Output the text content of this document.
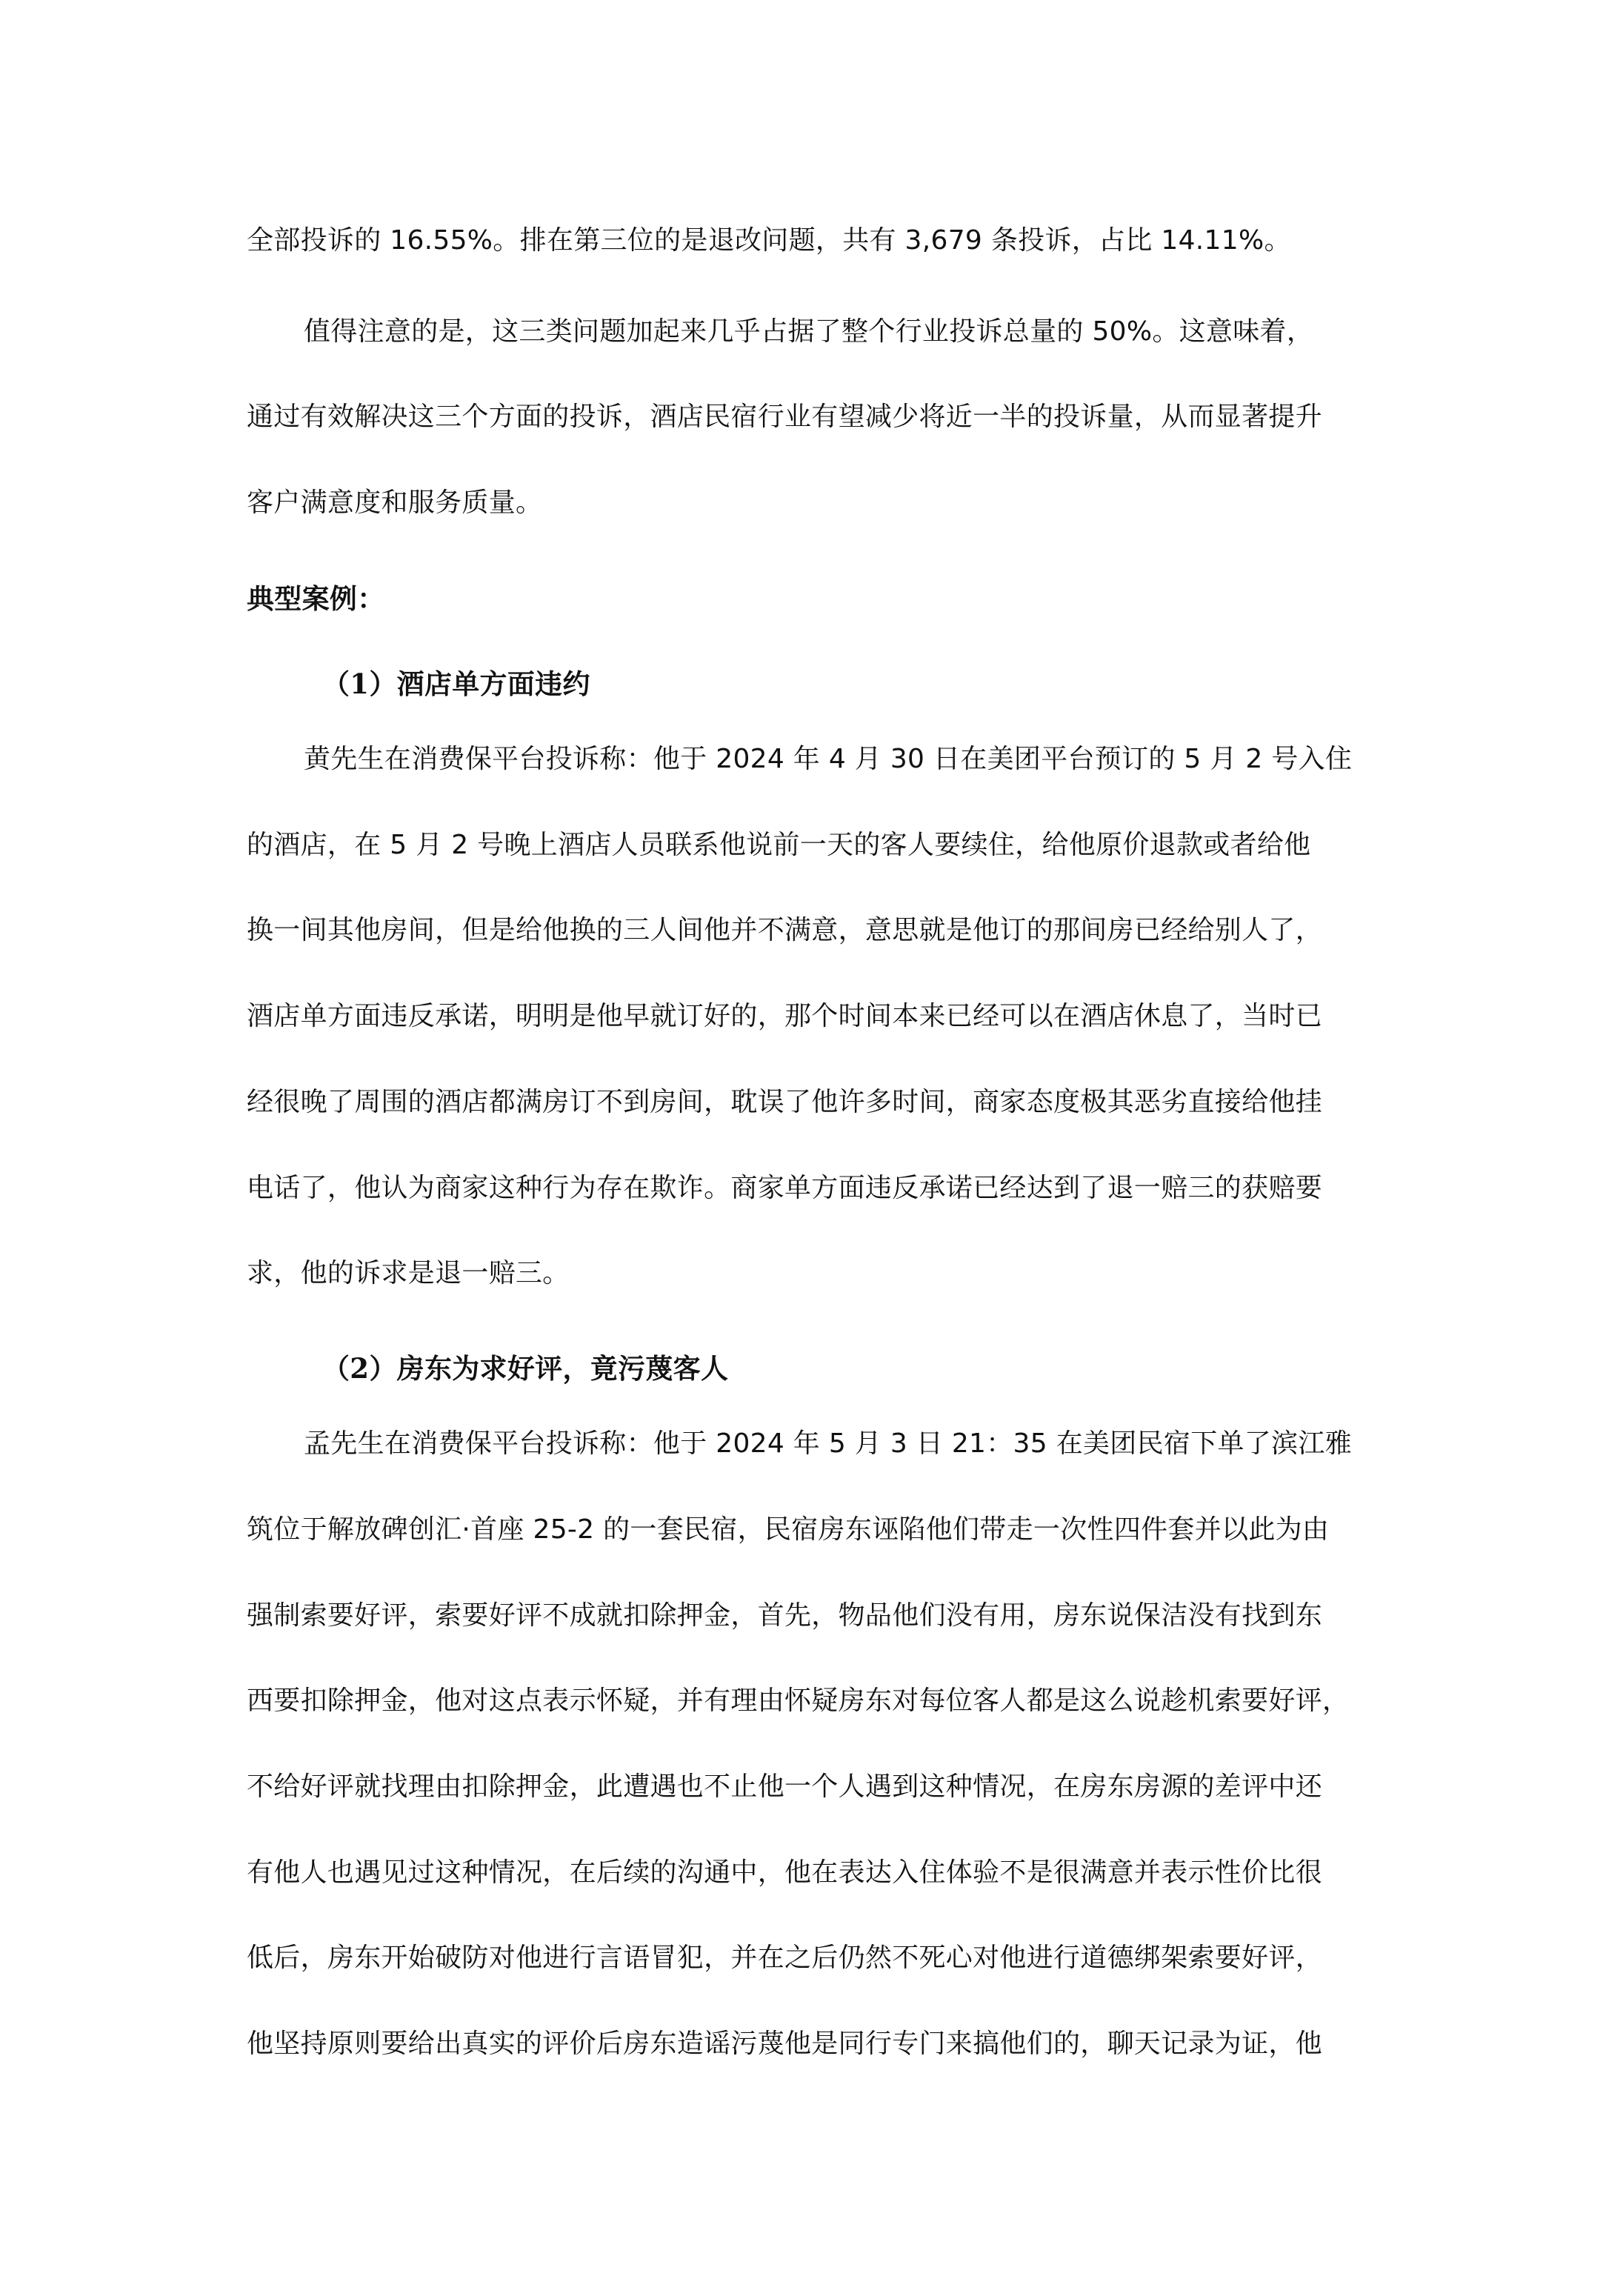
全部投诉的 16.55%。排在第三位的是退改问题，共有 3,679 条投诉，占比 14.11%。
值得注意的是，这三类问题加起来几乎占据了整个行业投诉总量的 50%。这意味着，
通过有效解决这三个方面的投诉，酒店民宿行业有望减少将近一半的投诉量，从而显著提升
客户满意度和服务质量。
典型案例：
（1）酒店单方面违约
黄先生在消费保平台投诉称：他于 2024 年 4 月 30 日在美团平台预订的 5 月 2 号入住
的酒店，在 5 月 2 号晚上酒店人员联系他说前一天的客人要续住，给他原价退款或者给他
换一间其他房间，但是给他换的三人间他并不满意，意思就是他订的那间房已经给别人了，
酒店单方面违反承诺，明明是他早就订好的，那个时间本来已经可以在酒店休息了，当时已
经很晚了周围的酒店都满房订不到房间，耽误了他许多时间，商家态度极其恶劣直接给他挂
电话了，他认为商家这种行为存在欺诈。商家单方面违反承诺已经达到了退一赔三的获赔要
求，他的诉求是退一赔三。
（2）房东为求好评，竟污蔑客人
孟先生在消费保平台投诉称：他于 2024 年 5 月 3 日 21：35 在美团民宿下单了滨江雅
筑位于解放碑创汇·首座 25-2 的一套民宿，民宿房东诬陷他们带走一次性四件套并以此为由
强制索要好评，索要好评不成就扣除押金，首先，物品他们没有用，房东说保洁没有找到东
西要扣除押金，他对这点表示怀疑，并有理由怀疑房东对每位客人都是这么说趁机索要好评，
不给好评就找理由扣除押金，此遭遇也不止他一个人遇到这种情况，在房东房源的差评中还
有他人也遇见过这种情况，在后续的沟通中，他在表达入住体验不是很满意并表示性价比很
低后，房东开始破防对他进行言语冒犯，并在之后仍然不死心对他进行道德绑架索要好评，
他坚持原则要给出真实的评价后房东造谣污蔑他是同行专门来搞他们的，聊天记录为证，他
